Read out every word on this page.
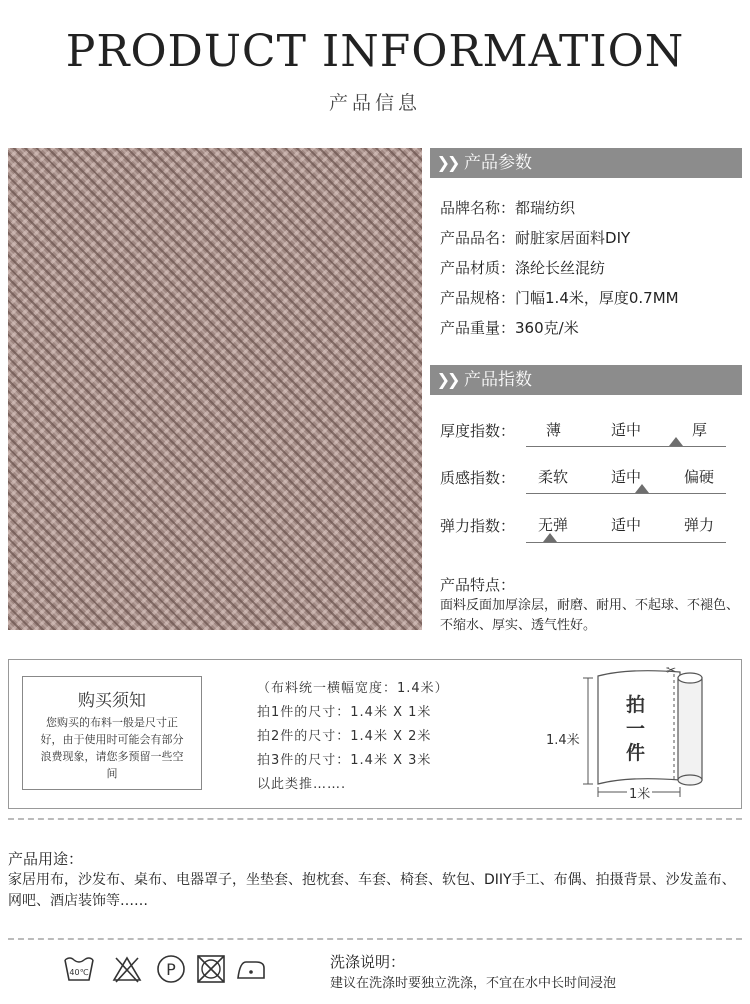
PRODUCT INFORMATION
产品信息
❯❯ 产品参数
品牌名称：都瑞纺织
产品品名：耐脏家居面料DIY
产品材质：涤纶长丝混纺
产品规格：门幅1.4米，厚度0.7MM
产品重量：360克/米
❯❯ 产品指数
厚度指数： 薄	适中	厚
质感指数： 柔软	适中	偏硬
弹力指数： 无弹	适中	弹力
产品特点：
面料反面加厚涂层，耐磨、耐用、不起球、不褪色、不缩水、厚实、透气性好。
购买须知
您购买的布料一般是尺寸正好，由于使用时可能会有部分浪费现象，请您多预留一些空间
（布料统一横幅宽度：1.4米）
拍1件的尺寸：1.4米 X 1米
拍2件的尺寸：1.4米 X 2米
拍3件的尺寸：1.4米 X 3米
以此类推…….
✂
1.4米
1米
拍
一
件
产品用途：
家居用布，沙发布、桌布、电器罩子，坐垫套、抱枕套、车套、椅套、软包、DIIY手工、布偶、拍摄背景、沙发盖布、网吧、酒店装饰等……
40℃	P	洗涤说明：
建议在洗涤时要独立洗涤，不宜在水中长时间浸泡
